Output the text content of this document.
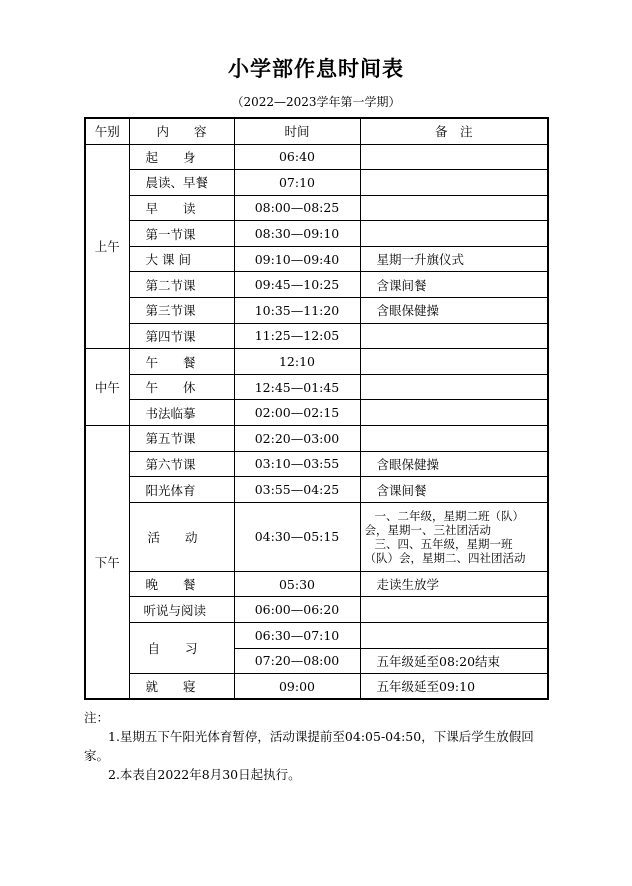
小学部作息时间表
（2022—2023学年第一学期）
午别	内　　容	时间	备　注
上午	起　　身	06:40	
	晨读、早餐	07:10	
	早　　读	08:00—08:25	
	第一节课	08:30—09:10	
	大 课 间	09:10—09:40	星期一升旗仪式
	第二节课	09:45—10:25	含课间餐
	第三节课	10:35—11:20	含眼保健操
	第四节课	11:25—12:05	
中午	午　　餐	12:10	
	午　　休	12:45—01:45	
	书法临摹	02:00—02:15	
下午	第五节课	02:20—03:00	
	第六节课	03:10—03:55	含眼保健操
	阳光体育	03:55—04:25	含课间餐
	活　　动	04:30—05:15	一、二年级，星期二班（队）
会，星期一、三社团活动
三、四、五年级，星期一班
（队）会，星期二、四社团活动

	晚　　餐	05:30	走读生放学
	听说与阅读	06:00—06:20	
	自　　习	06:30—07:10	
		07:20—08:00	五年级延至08:20结束
	就　　寝	09:00	五年级延至09:10
注：
1.星期五下午阳光体育暂停，活动课提前至04:05-04:50，下课后学生放假回家。
2.本表自2022年8月30日起执行。
